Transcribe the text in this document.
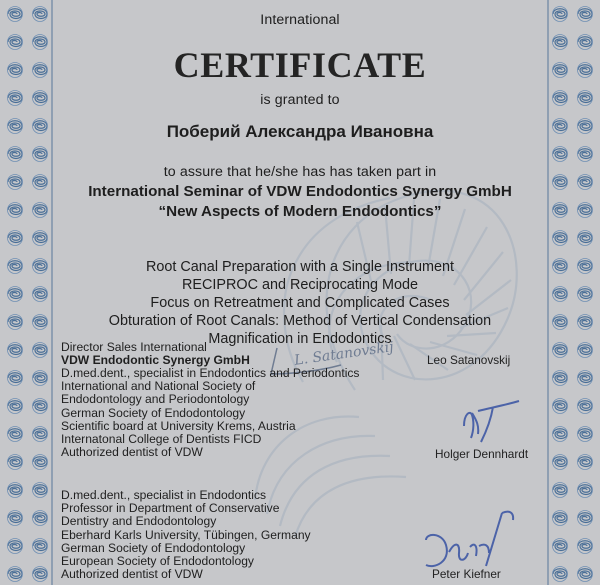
International
CERTIFICATE
is granted to
Поберий Александра Ивановна
to assure that he/she has has taken part in
International Seminar of VDW Endodontics Synergy GmbH
“New Aspects of Modern Endodontics”
Root Canal Preparation with a Single Instrument
RECIPROC and Reciprocating Mode
Focus on Retreatment and Complicated Cases
Obturation of Root Canals: Method of Vertical Condensation
Magnification in Endodontics
Director Sales International
VDW Endodontic Synergy GmbH	L. Satanovskij	Leo Satanovskij
D.med.dent., specialist in Endodontics and Periodontics
International and National Society of
Endodontology and Periodontology
German Society of Endodontology
Scientific board at University Krems, Austria
Internatonal College of Dentists FICD
Authorized dentist of VDW	Holger Dennhardt
D.med.dent., specialist in Endodontics
Professor in Department of Conservative
Dentistry and Endodontology
Eberhard Karls University, Tübingen, Germany
German Society of Endodontology
European Society of Endodontology
Authorized dentist of VDW	Peter Kiefner
